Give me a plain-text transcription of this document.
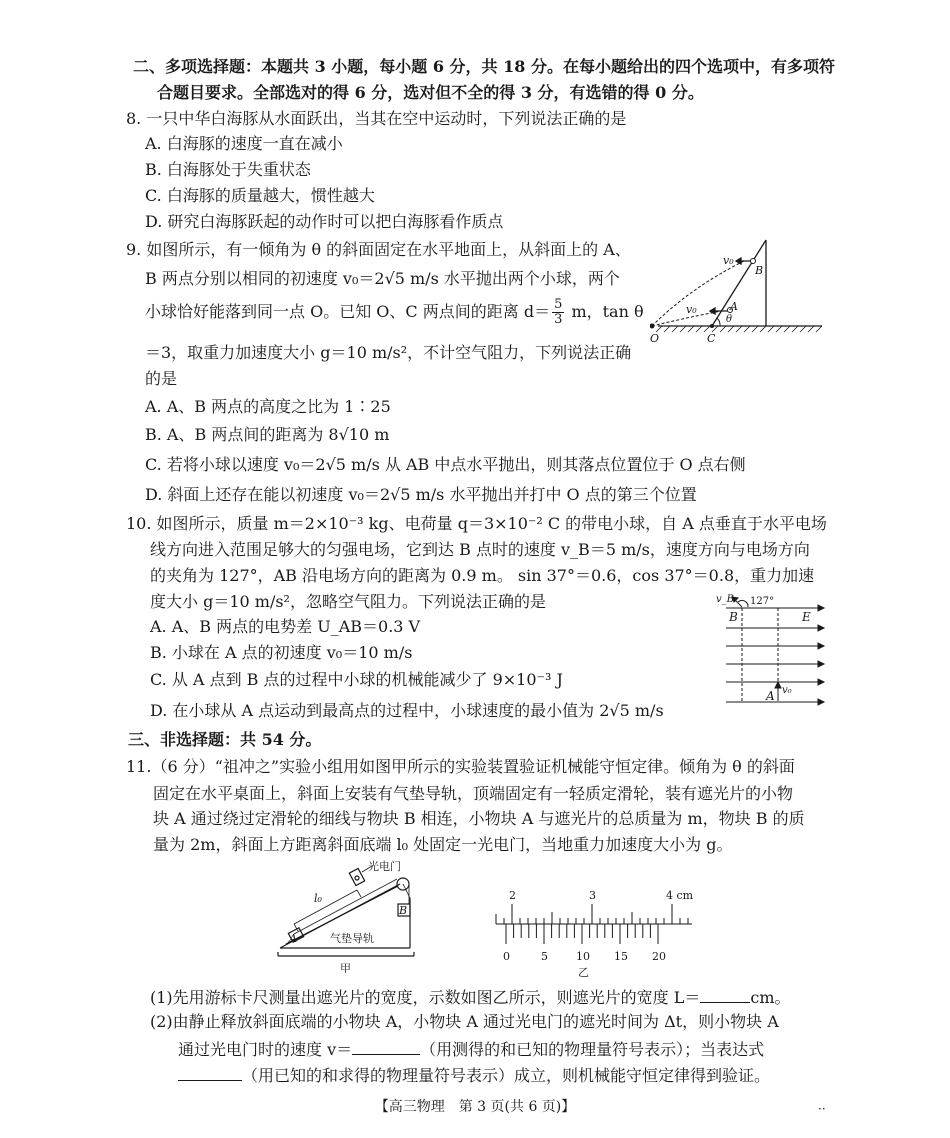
二、多项选择题：本题共 3 小题，每小题 6 分，共 18 分。在每小题给出的四个选项中，有多项符
合题目要求。全部选对的得 6 分，选对但不全的得 3 分，有选错的得 0 分。
8. 一只中华白海豚从水面跃出，当其在空中运动时，下列说法正确的是
A. 白海豚的速度一直在减小
B. 白海豚处于失重状态
C. 白海豚的质量越大，惯性越大
D. 研究白海豚跃起的动作时可以把白海豚看作质点
9. 如图所示，有一倾角为 θ 的斜面固定在水平地面上，从斜面上的 A、
B 两点分别以相同的初速度 v₀＝2√5 m/s 水平抛出两个小球，两个
小球恰好能落到同一点 O。已知 O、C 两点间的距离 $d= \frac{5}{3}$ m，tan θ
＝3，取重力加速度大小 g＝10 m/s²，不计空气阻力，下列说法正确
的是
A. A、B 两点的高度之比为 1∶25
B. A、B 两点间的距离为 8√10 m
C. 若将小球以速度 v₀＝2√5 m/s 从 AB 中点水平抛出，则其落点位置位于 O 点右侧
D. 斜面上还存在能以初速度 v₀＝2√5 m/s 水平抛出并打中 O 点的第三个位置
v₀
B
v₀	A
θ
O	C
10. 如图所示，质量 m＝2×10⁻³ kg、电荷量 q＝3×10⁻² C 的带电小球，自 A 点垂直于水平电场
线方向进入范围足够大的匀强电场，它到达 B 点时的速度 v_B＝5 m/s，速度方向与电场方向
的夹角为 127°，AB 沿电场方向的距离为 0.9 m。 sin 37°＝0.6，cos 37°＝0.8，重力加速
度大小 g＝10 m/s²，忽略空气阻力。下列说法正确的是
A. A、B 两点的电势差 U_AB＝0.3 V
B. 小球在 A 点的初速度 v₀＝10 m/s
C. 从 A 点到 B 点的过程中小球的机械能减少了 9×10⁻³ J
D. 在小球从 A 点运动到最高点的过程中，小球速度的最小值为 2√5 m/s
v_B 127°
B	E
A v₀
三、非选择题：共 54 分。
11.（6 分）“祖冲之”实验小组用如图甲所示的实验装置验证机械能守恒定律。倾角为 θ 的斜面
固定在水平桌面上，斜面上安装有气垫导轨，顶端固定有一轻质定滑轮，装有遮光片的小物
块 A 通过绕过定滑轮的细线与物块 B 相连，小物块 A 与遮光片的总质量为 m，物块 B 的质
量为 2m，斜面上方距离斜面底端 l₀ 处固定一光电门，当地重力加速度大小为 g。
光电门
l₀
B
A	气垫导轨
甲
2	3	4 cm
0	5	10 15 20
乙
(1)先用游标卡尺测量出遮光片的宽度，示数如图乙所示，则遮光片的宽度 L＝	cm。
(2)由静止释放斜面底端的小物块 A，小物块 A 通过光电门的遮光时间为 Δt，则小物块 A
通过光电门时的速度 v＝	（用测得的和已知的物理量符号表示）；当表达式
（用已知的和求得的物理量符号表示）成立，则机械能守恒定律得到验证。
【高三物理　第 3 页(共 6 页)】	··
